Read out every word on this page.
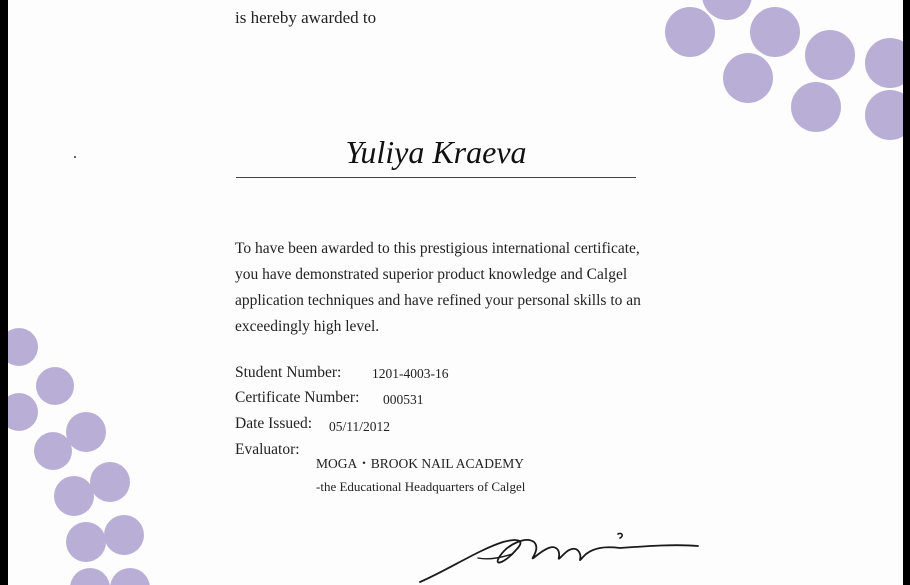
is hereby awarded to
Yuliya Kraeva
To have been awarded to this prestigious international certificate,
you have demonstrated superior product knowledge and Calgel
application techniques and have refined your personal skills to an
exceedingly high level.
Student Number: 1201-4003-16
Certificate Number: 000531
Date Issued: 05/11/2012
Evaluator:
MOGA・BROOK NAIL ACADEMY
-the Educational Headquarters of Calgel
